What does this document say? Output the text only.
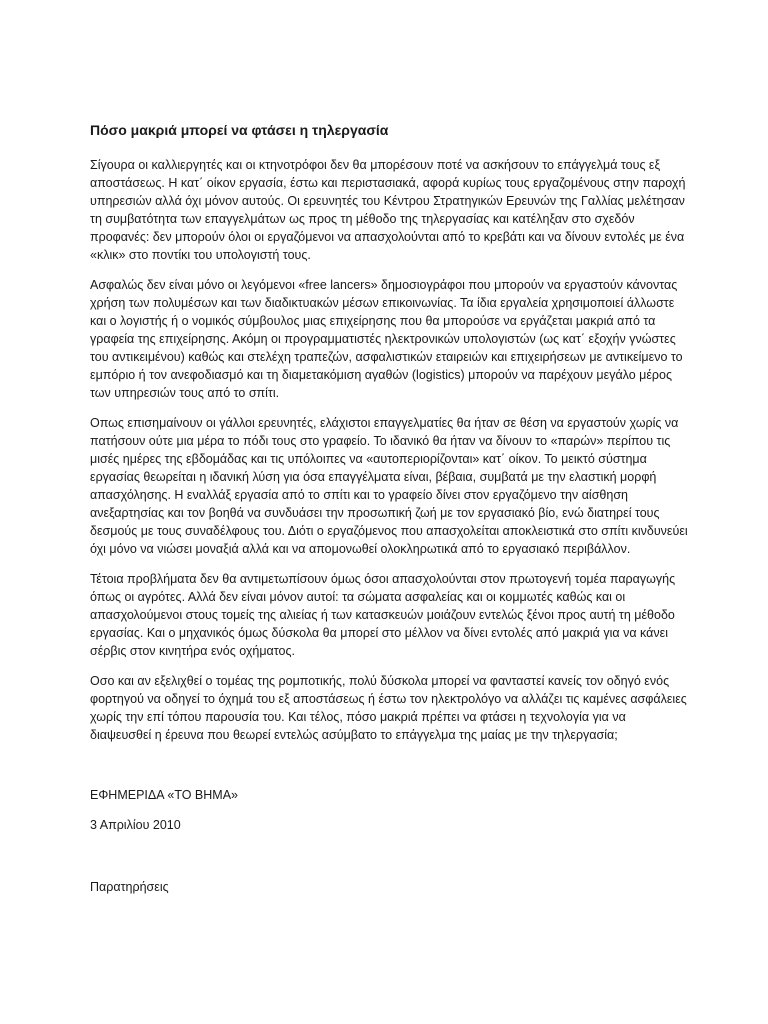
Πόσο μακριά μπορεί να φτάσει η τηλεργασία

Σίγουρα οι καλλιεργητές και οι κτηνοτρόφοι δεν θα μπορέσουν ποτέ να ασκήσουν το επάγγελμά τους εξ αποστάσεως. Η κατ΄ οίκον εργασία, έστω και περιστασιακά, αφορά κυρίως τους εργαζομένους στην παροχή υπηρεσιών αλλά όχι μόνον αυτούς. Οι ερευνητές του Κέντρου Στρατηγικών Ερευνών της Γαλλίας μελέτησαν τη συμβατότητα των επαγγελμάτων ως προς τη μέθοδο της τηλεργασίας και κατέληξαν στο σχεδόν προφανές: δεν μπορούν όλοι οι εργαζόμενοι να απασχολούνται από το κρεβάτι και να δίνουν εντολές με ένα «κλικ» στο ποντίκι του υπολογιστή τους.

Ασφαλώς δεν είναι μόνο οι λεγόμενοι «free lancers» δημοσιογράφοι που μπορούν να εργαστούν κάνοντας χρήση των πολυμέσων και των διαδικτυακών μέσων επικοινωνίας. Τα ίδια εργαλεία χρησιμοποιεί άλλωστε και ο λογιστής ή ο νομικός σύμβουλος μιας επιχείρησης που θα μπορούσε να εργάζεται μακριά από τα γραφεία της επιχείρησης. Ακόμη οι προγραμματιστές ηλεκτρονικών υπολογιστών (ως κατ΄ εξοχήν γνώστες του αντικειμένου) καθώς και στελέχη τραπεζών, ασφαλιστικών εταιρειών και επιχειρήσεων με αντικείμενο το εμπόριο ή τον ανεφοδιασμό και τη διαμετακόμιση αγαθών (logistics) μπορούν να παρέχουν μεγάλο μέρος των υπηρεσιών τους από το σπίτι.

Οπως επισημαίνουν οι γάλλοι ερευνητές, ελάχιστοι επαγγελματίες θα ήταν σε θέση να εργαστούν χωρίς να πατήσουν ούτε μια μέρα το πόδι τους στο γραφείο. Το ιδανικό θα ήταν να δίνουν το «παρών» περίπου τις μισές ημέρες της εβδομάδας και τις υπόλοιπες να «αυτοπεριορίζονται» κατ΄ οίκον. Το μεικτό σύστημα εργασίας θεωρείται η ιδανική λύση για όσα επαγγέλματα είναι, βέβαια, συμβατά με την ελαστική μορφή απασχόλησης. Η εναλλάξ εργασία από το σπίτι και το γραφείο δίνει στον εργαζόμενο την αίσθηση ανεξαρτησίας και τον βοηθά να συνδυάσει την προσωπική ζωή με τον εργασιακό βίο, ενώ διατηρεί τους δεσμούς με τους συναδέλφους του. Διότι ο εργαζόμενος που απασχολείται αποκλειστικά στο σπίτι κινδυνεύει όχι μόνο να νιώσει μοναξιά αλλά και να απομονωθεί ολοκληρωτικά από το εργασιακό περιβάλλον.

Τέτοια προβλήματα δεν θα αντιμετωπίσουν όμως όσοι απασχολούνται στον πρωτογενή τομέα παραγωγής όπως οι αγρότες. Αλλά δεν είναι μόνον αυτοί: τα σώματα ασφαλείας και οι κομμωτές καθώς και οι απασχολούμενοι στους τομείς της αλιείας ή των κατασκευών μοιάζουν εντελώς ξένοι προς αυτή τη μέθοδο εργασίας. Και ο μηχανικός όμως δύσκολα θα μπορεί στο μέλλον να δίνει εντολές από μακριά για να κάνει σέρβις στον κινητήρα ενός οχήματος.

Οσο και αν εξελιχθεί ο τομέας της ρομποτικής, πολύ δύσκολα μπορεί να φανταστεί κανείς τον οδηγό ενός φορτηγού να οδηγεί το όχημά του εξ αποστάσεως ή έστω τον ηλεκτρολόγο να αλλάζει τις καμένες ασφάλειες χωρίς την επί τόπου παρουσία του. Και τέλος, πόσο μακριά πρέπει να φτάσει η τεχνολογία για να διαψευσθεί η έρευνα που θεωρεί εντελώς ασύμβατο το επάγγελμα της μαίας με την τηλεργασία;

ΕΦΗΜΕΡΙΔΑ «ΤΟ ΒΗΜΑ»

3 Απριλίου 2010

Παρατηρήσεις
